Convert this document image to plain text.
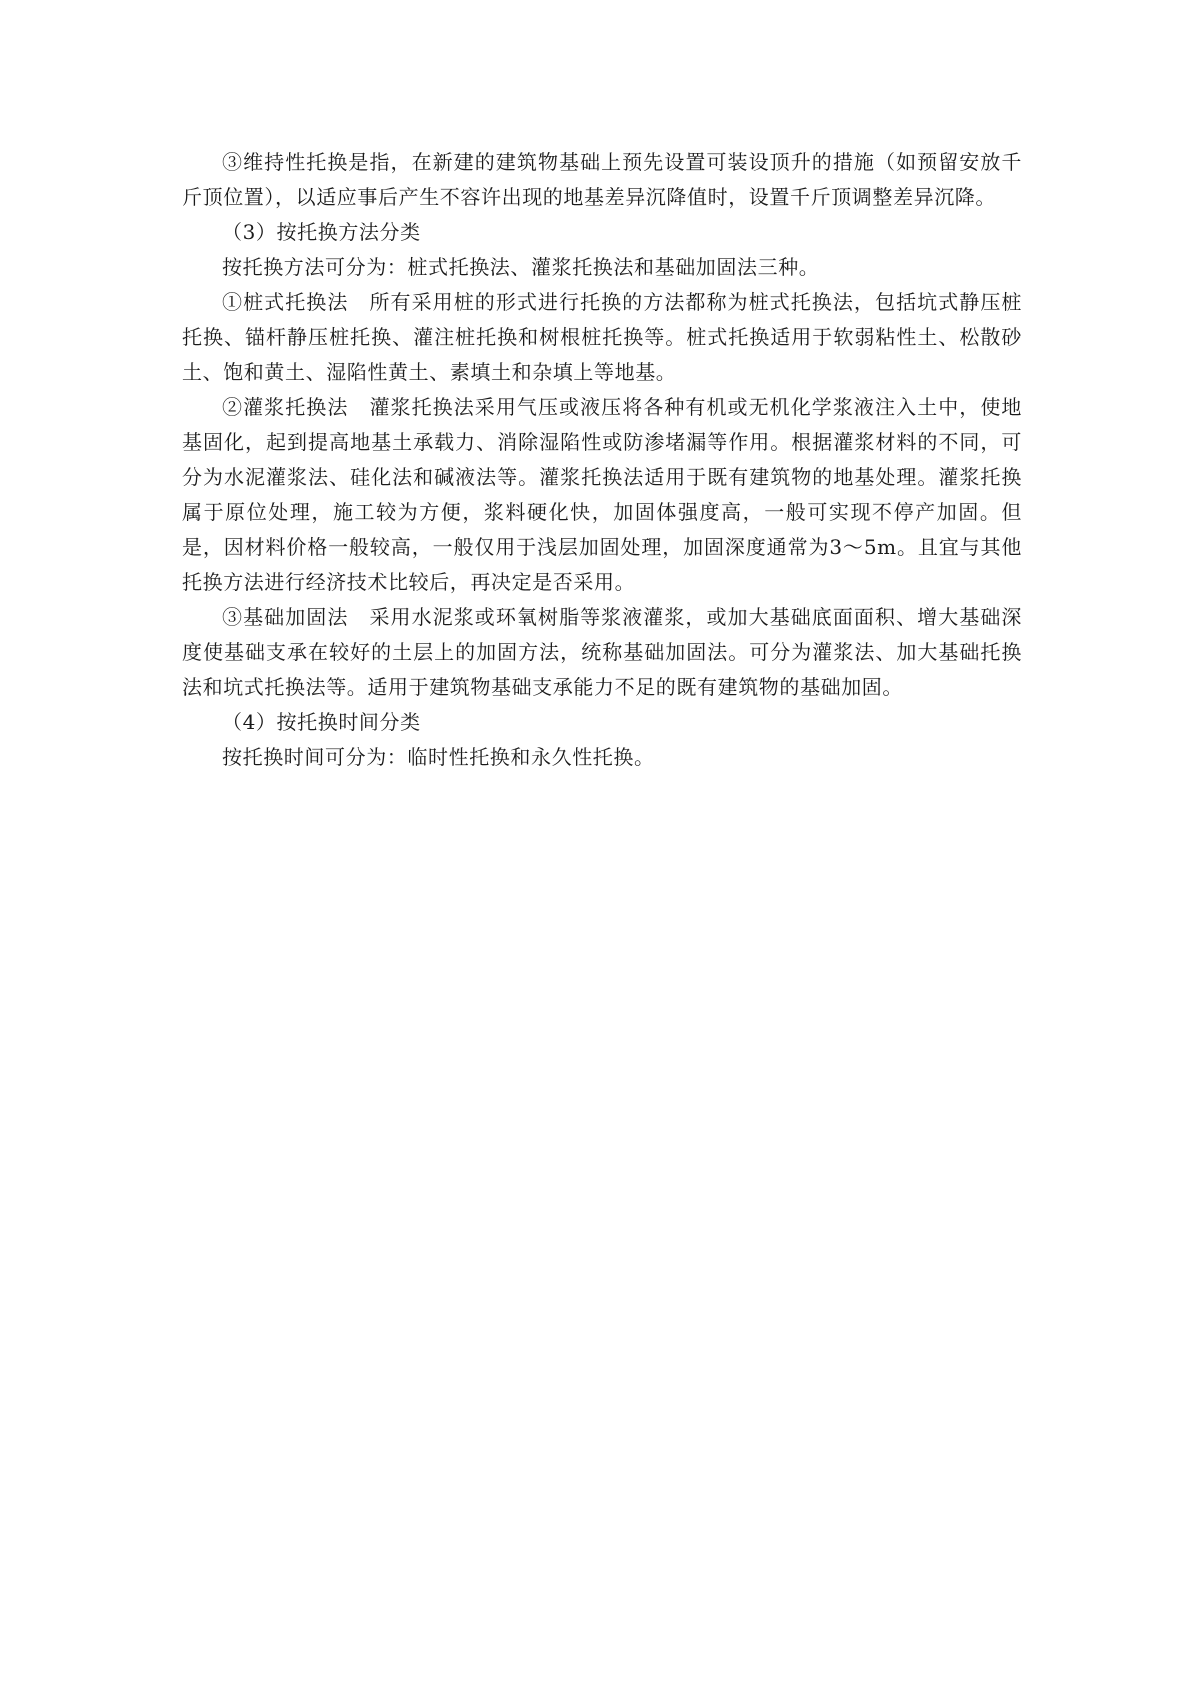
③维持性托换是指，在新建的建筑物基础上预先设置可装设顶升的措施（如预留安放千斤顶位置），以适应事后产生不容许出现的地基差异沉降值时，设置千斤顶调整差异沉降。

（3）按托换方法分类

按托换方法可分为：桩式托换法、灌浆托换法和基础加固法三种。

①桩式托换法　所有采用桩的形式进行托换的方法都称为桩式托换法，包括坑式静压桩托换、锚杆静压桩托换、灌注桩托换和树根桩托换等。桩式托换适用于软弱粘性土、松散砂土、饱和黄土、湿陷性黄土、素填土和杂填上等地基。

②灌浆托换法　灌浆托换法采用气压或液压将各种有机或无机化学浆液注入土中，使地基固化，起到提高地基土承载力、消除湿陷性或防渗堵漏等作用。根据灌浆材料的不同，可分为水泥灌浆法、硅化法和碱液法等。灌浆托换法适用于既有建筑物的地基处理。灌浆托换属于原位处理，施工较为方便，浆料硬化快，加固体强度高，一般可实现不停产加固。但是，因材料价格一般较高，一般仅用于浅层加固处理，加固深度通常为3～5m。且宜与其他托换方法进行经济技术比较后，再决定是否采用。

③基础加固法　采用水泥浆或环氧树脂等浆液灌浆，或加大基础底面面积、增大基础深度使基础支承在较好的土层上的加固方法，统称基础加固法。可分为灌浆法、加大基础托换法和坑式托换法等。适用于建筑物基础支承能力不足的既有建筑物的基础加固。

（4）按托换时间分类

按托换时间可分为：临时性托换和永久性托换。
